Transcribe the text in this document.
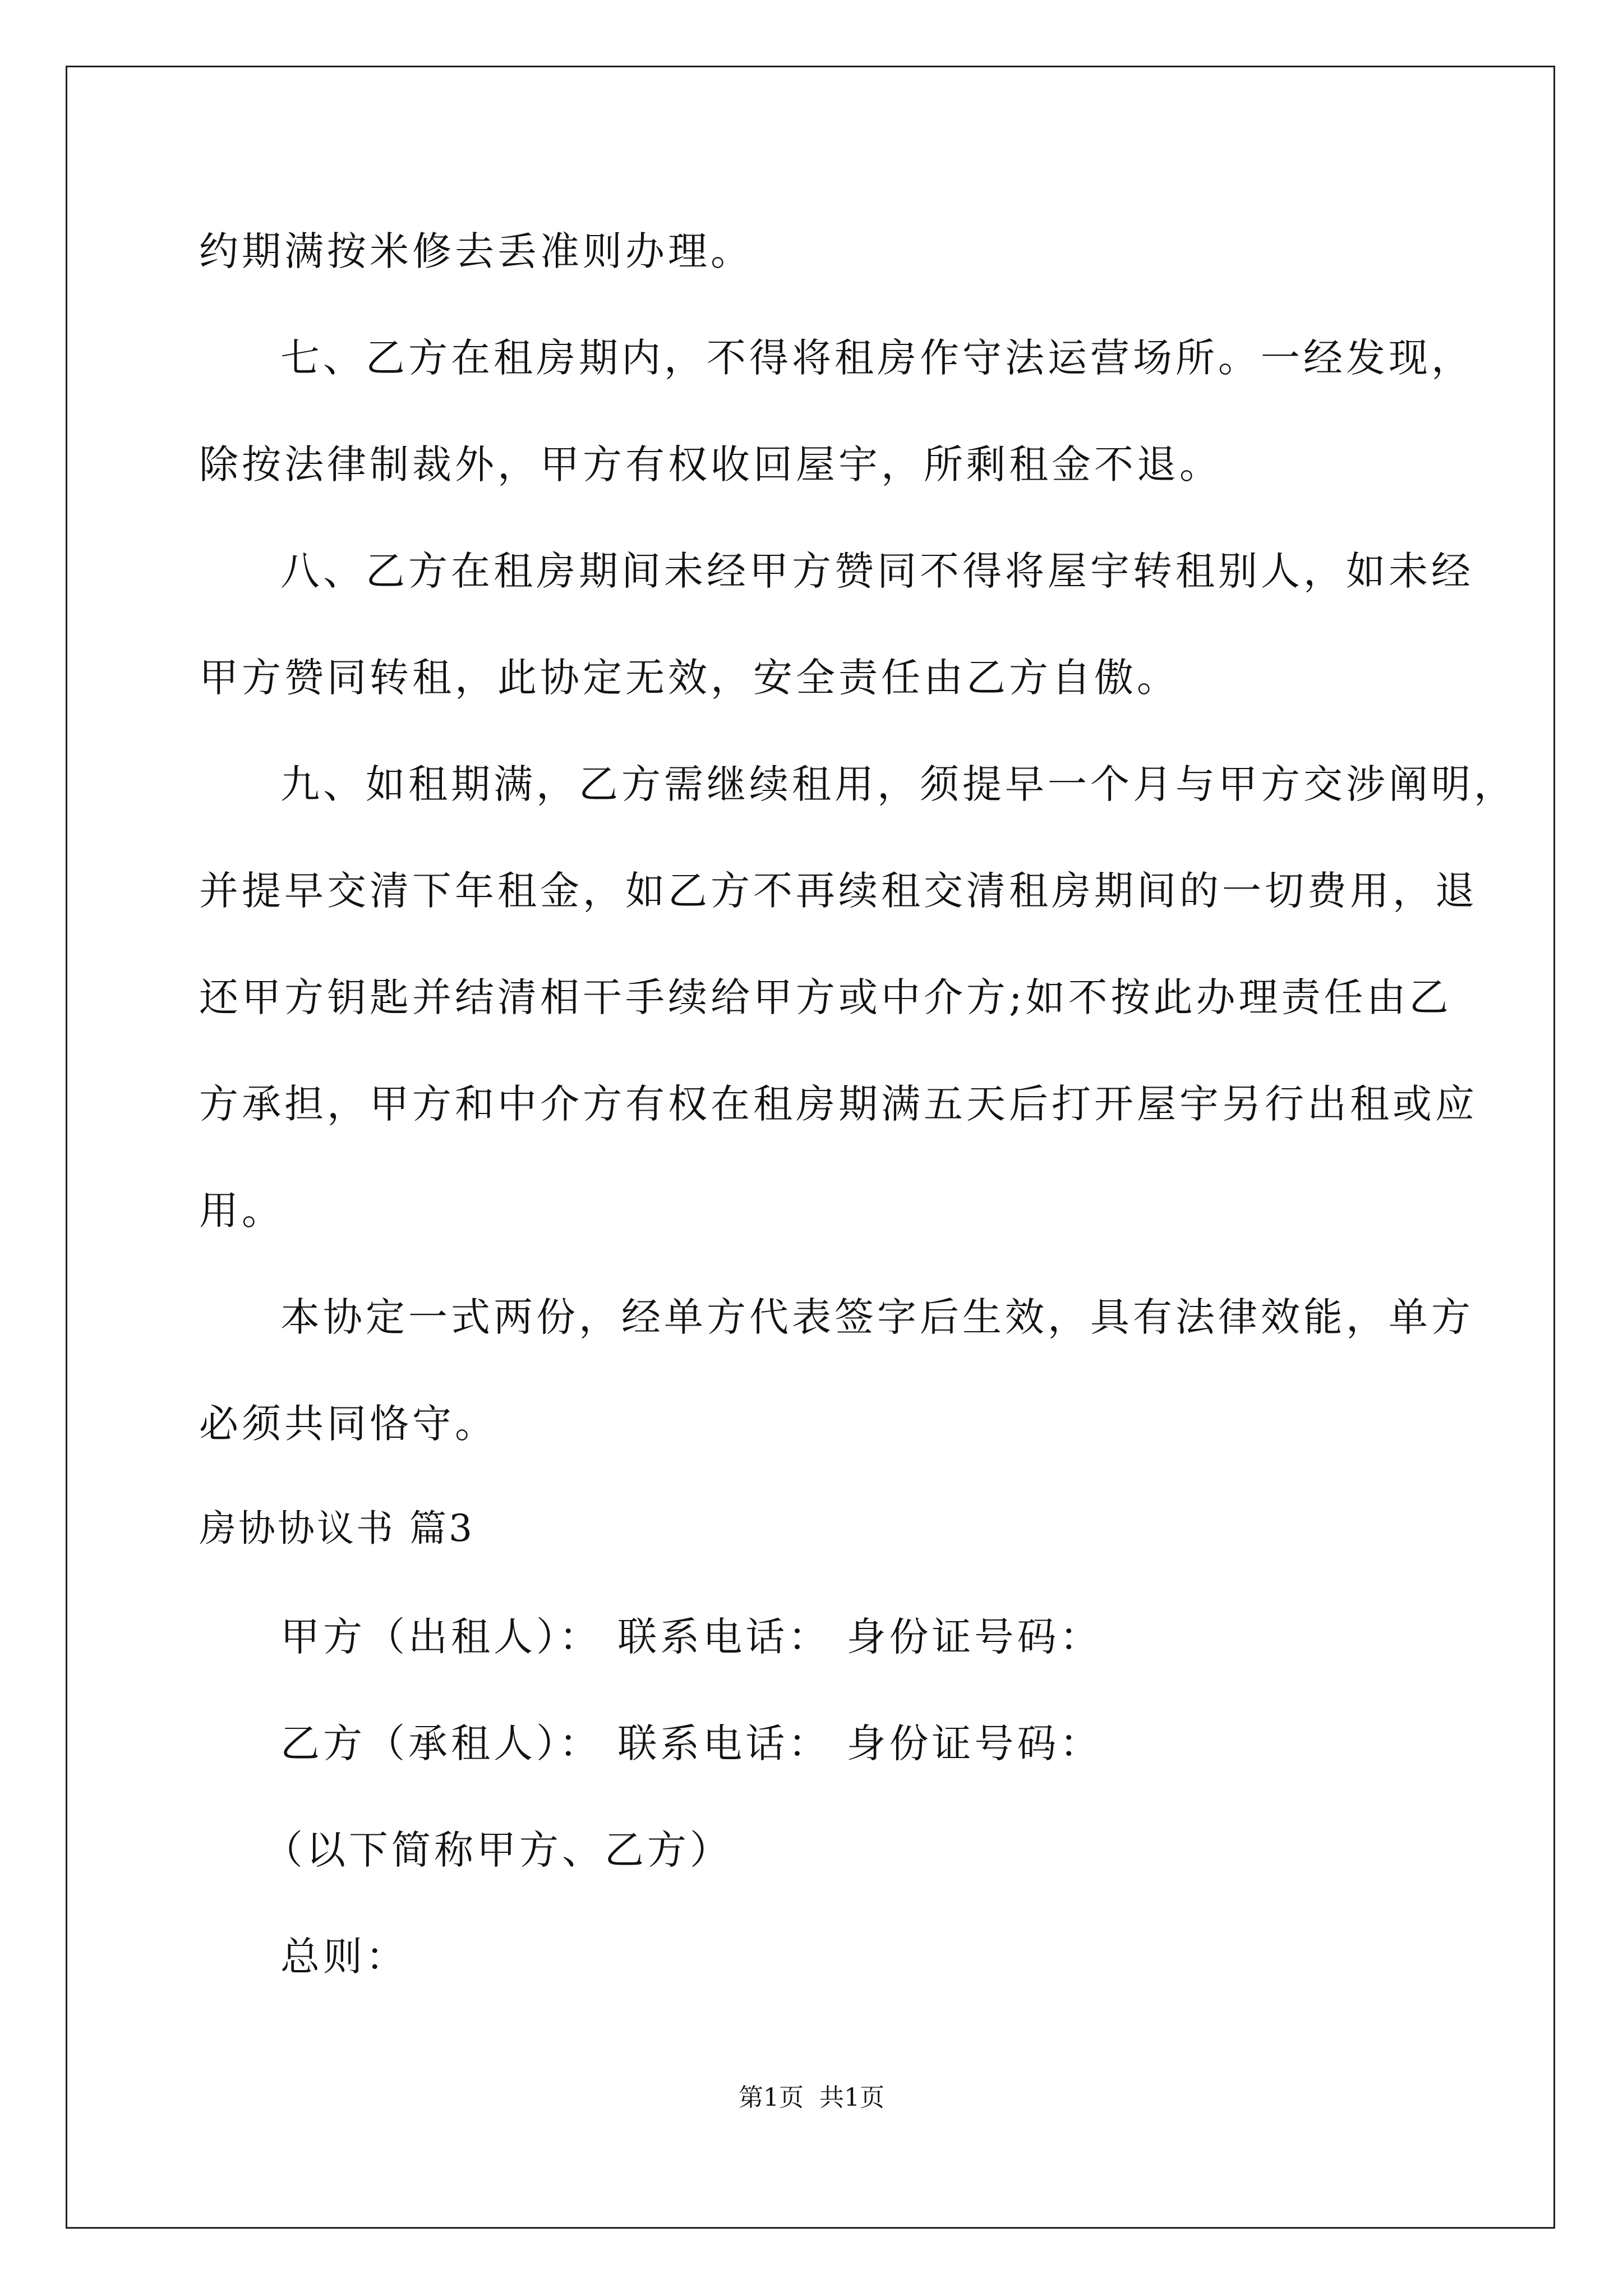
约期满按米修去丢准则办理。
七、乙方在租房期内，不得将租房作守法运营场所。一经发现，
除按法律制裁外，甲方有权收回屋宇，所剩租金不退。
八、乙方在租房期间未经甲方赞同不得将屋宇转租别人，如未经
甲方赞同转租，此协定无效，安全责任由乙方自傲。
九、如租期满，乙方需继续租用，须提早一个月与甲方交涉阐明，
并提早交清下年租金，如乙方不再续租交清租房期间的一切费用，退
还甲方钥匙并结清相干手续给甲方或中介方;如不按此办理责任由乙
方承担，甲方和中介方有权在租房期满五天后打开屋宇另行出租或应
用。
本协定一式两份，经单方代表签字后生效，具有法律效能，单方
必须共同恪守。
房协协议书 篇3
甲方（出租人）： 联系电话： 身份证号码：
乙方（承租人）： 联系电话： 身份证号码：
（以下简称甲方、乙方）
总则：
第1页  共1页
